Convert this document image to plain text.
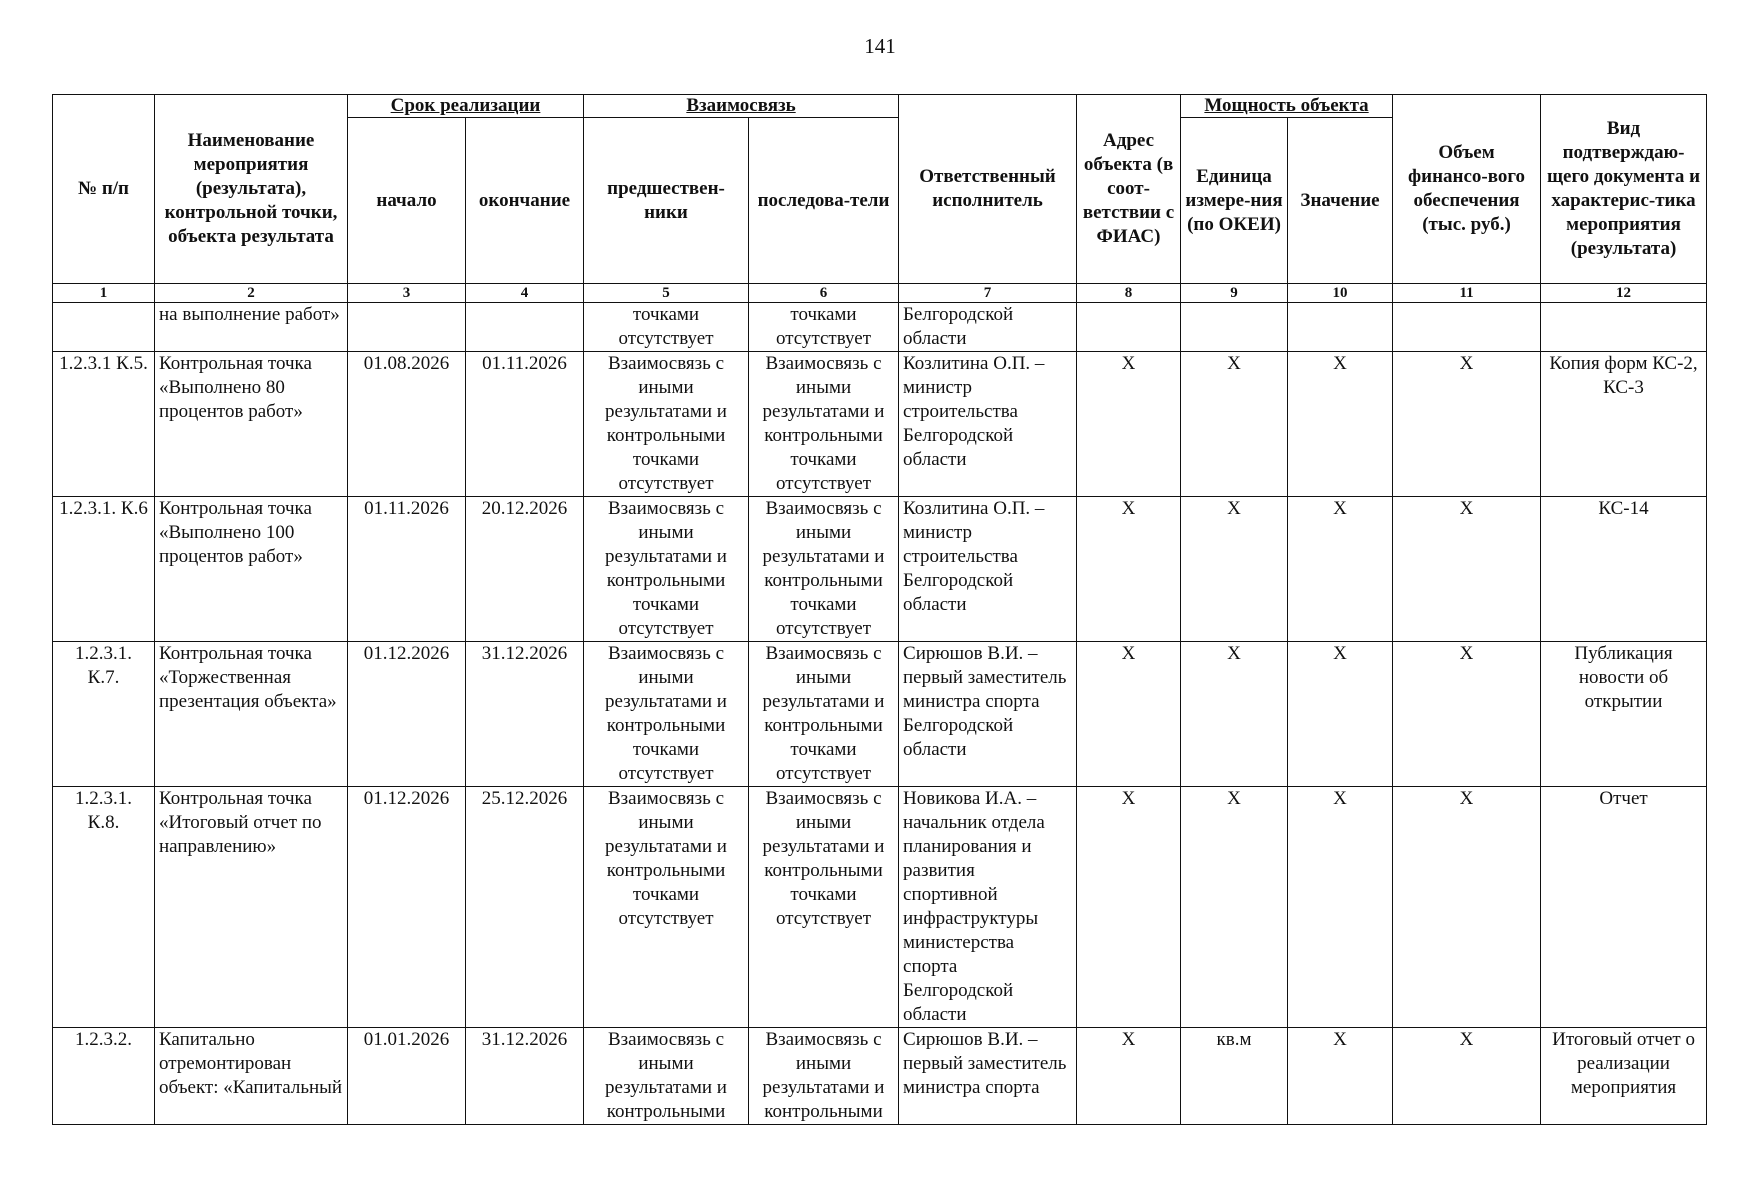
141
№ п/п	Наименование мероприятия (результата), контрольной точки, объекта результата	Срок реализации		Взаимосвязь		Ответственный исполнитель	Адрес объекта (в соот-ветствии с ФИАС)	Мощность объекта		Объем финансо-вого обеспечения (тыс. руб.)	Вид подтверждаю-щего документа и характерис-тика мероприятия (результата)
		начало	окончание	предшествен-ники	последова-тели			Единица измере-ния (по ОКЕИ)	Значение		
1	2	3	4	5	6	7	8	9	10	11	12
	на выполнение работ»			точками отсутствует	точками отсутствует	Белгородской области					
1.2.3.1 К.5.	Контрольная точка «Выполнено 80 процентов работ»	01.08.2026	01.11.2026	Взаимосвязь с иными результатами и контрольными точками отсутствует	Взаимосвязь с иными результатами и контрольными точками отсутствует	Козлитина О.П. – министр строительства Белгородской области	Х	Х	Х	Х	Копия форм КС-2, КС-3
1.2.3.1. К.6	Контрольная точка «Выполнено 100 процентов работ»	01.11.2026	20.12.2026	Взаимосвязь с иными результатами и контрольными точками отсутствует	Взаимосвязь с иными результатами и контрольными точками отсутствует	Козлитина О.П. – министр строительства Белгородской области	Х	Х	Х	Х	КС-14
1.2.3.1. К.7.	Контрольная точка «Торжественная презентация объекта»	01.12.2026	31.12.2026	Взаимосвязь с иными результатами и контрольными точками отсутствует	Взаимосвязь с иными результатами и контрольными точками отсутствует	Сирюшов В.И. – первый заместитель министра спорта Белгородской области	Х	Х	Х	Х	Публикация новости об открытии
1.2.3.1. К.8.	Контрольная точка «Итоговый отчет по направлению»	01.12.2026	25.12.2026	Взаимосвязь с иными результатами и контрольными точками отсутствует	Взаимосвязь с иными результатами и контрольными точками отсутствует	Новикова И.А. – начальник отдела планирования и развития спортивной инфраструктуры министерства спорта Белгородской области	Х	Х	Х	Х	Отчет
1.2.3.2.	Капитально отремонтирован объект: «Капитальный	01.01.2026	31.12.2026	Взаимосвязь с иными результатами и контрольными	Взаимосвязь с иными результатами и контрольными	Сирюшов В.И. – первый заместитель министра спорта	Х	кв.м	Х	Х	Итоговый отчет о реализации мероприятия
